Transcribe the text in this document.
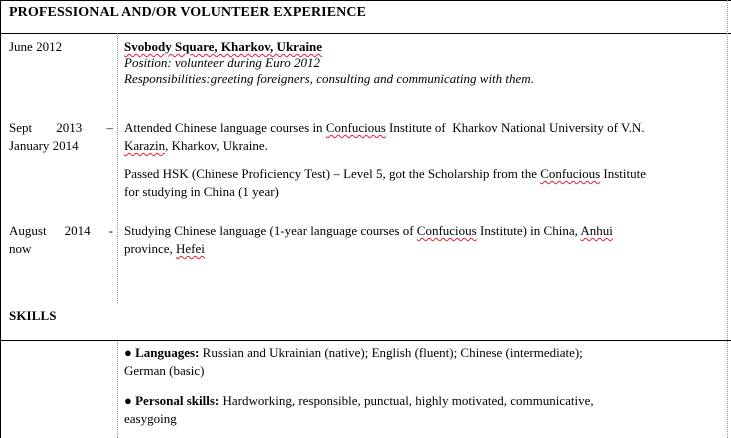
PROFESSIONAL AND/OR VOLUNTEER EXPERIENCE
June 2012	Svobody Square, Kharkov, Ukraine
Position: volunteer during Euro 2012
Responsibilities:greeting foreigners, consulting and communicating with them.
Sept    2013    –
January 2014
Attended Chinese language courses in Confucious Institute of  Kharkov National University of V.N.
Karazin, Kharkov, Ukraine.
Passed HSK (Chinese Proficiency Test) – Level 5, got the Scholarship from the Confucious Institute
for studying in China (1 year)
August   2014   -
now
Studying Chinese language (1-year language courses of Confucious Institute) in China, Anhui
province, Hefei
SKILLS
● Languages: Russian and Ukrainian (native); English (fluent); Chinese (intermediate);
German (basic)
● Personal skills: Hardworking, responsible, punctual, highly motivated, communicative,
easygoing
